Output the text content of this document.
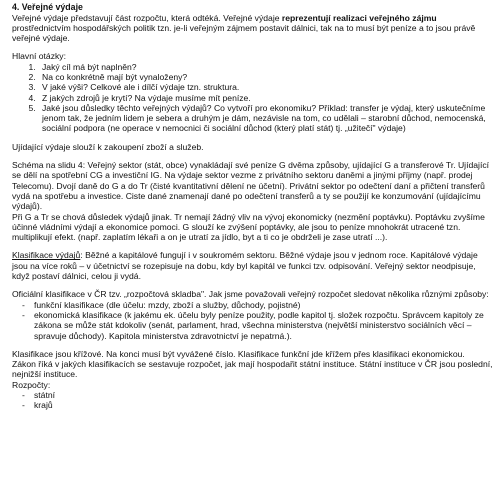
4. Veřejné výdaje

Veřejné výdaje představují část rozpočtu, která odtéká. Veřejné výdaje reprezentují realizaci veřejného zájmu prostřednictvím hospodářských politik tzn. je-li veřejným zájmem postavit dálnici, tak na to musí být peníze a to jsou právě veřejné výdaje.

Hlavní otázky:

1. Jaký cíl má být naplněn?
2. Na co konkrétně mají být vynaloženy?
3. V jaké výši? Celkové ale i dílčí výdaje tzn. struktura.
4. Z jakých zdrojů je krytí? Na výdaje musíme mít peníze.
5. Jaké jsou důsledky těchto veřejných výdajů? Co vytvoří pro ekonomiku? Příklad: transfer je výdaj, který uskutečníme jenom tak, že jedním lidem je sebera a druhým je dám, nezávisle na tom, co udělali – starobní důchod, nemocenská, sociální podpora (ne operace v nemocnici či sociální důchod (který platí stát) tj. „užitečí" výdaje)

Ujídající výdaje slouží k zakoupení zboží a služeb.

Schéma na slidu 4: Veřejný sektor (stát, obce) vynakládají své peníze G dvěma způsoby, ujídající G a transferové Tr. Ujídající se dělí na spotřební CG a investiční IG. Na výdaje sektor vezme z privátního sektoru daněmi a jinými příjmy (např. prodej Telecomu). Dvojí daně do G a do Tr (čisté kvantitativní dělení ne účetní). Privátní sektor po odečtení daní a přičtení transferů vydá na spotřebu a investice. Ciste dané znamenají dané po odečtení transferů a ty se použijí ke konzumování (ujídajícímu výdajů).

Při G a Tr se chová důsledek výdajů jinak. Tr nemají žádný vliv na vývoj ekonomicky (nezmění poptávku). Poptávku zvyšíme účinné vládními výdají a ekonomice pomoci. G slouží ke zvýšení poptávky, ale jsou to peníze mnohokrát utracené tzn. multiplikují efekt. (např. zaplatím lékaři a on je utratí za jídlo, byt a ti co je obdrželi je zase utratí ...).

Klasifikace výdajů: Běžné a kapitálové fungují i v soukromém sektoru. Běžné výdaje jsou v jednom roce. Kapitálové výdaje jsou na více roků – v účetnictví se rozepisuje na dobu, kdy byl kapitál ve funkci tzv. odpisování. Veřejný sektor neodpisuje, když postaví dálnici, celou ji vydá.

Oficiální klasifikace v ČR tzv. „rozpočtová skladba". Jak jsme považovali veřejný rozpočet sledovat několika různými způsoby:

- funkční klasifikace (dle účelu: mzdy, zboží a služby, důchody, pojistné)
- ekonomická klasifikace (k jakému ek. účelu byly peníze použity, podle kapitol tj. složek rozpočtu. Správcem kapitoly ze zákona se může stát kdokoliv (senát, parlament, hrad, všechna ministerstva (největší ministerstvo sociálních věcí – spravuje důchody). Kapitola ministerstva zdravotnictví je nepatrná.).

Klasifikace jsou křížové. Na konci musí být vyvážené číslo. Klasifikace funkční jde křížem přes klasifikaci ekonomickou.

Zákon říká v jakých klasifikacích se sestavuje rozpočet, jak mají hospodařit státní instituce. Státní instituce v ČR jsou poslední, nejnižší instituce.

Rozpočty:

- státní
- krajů
